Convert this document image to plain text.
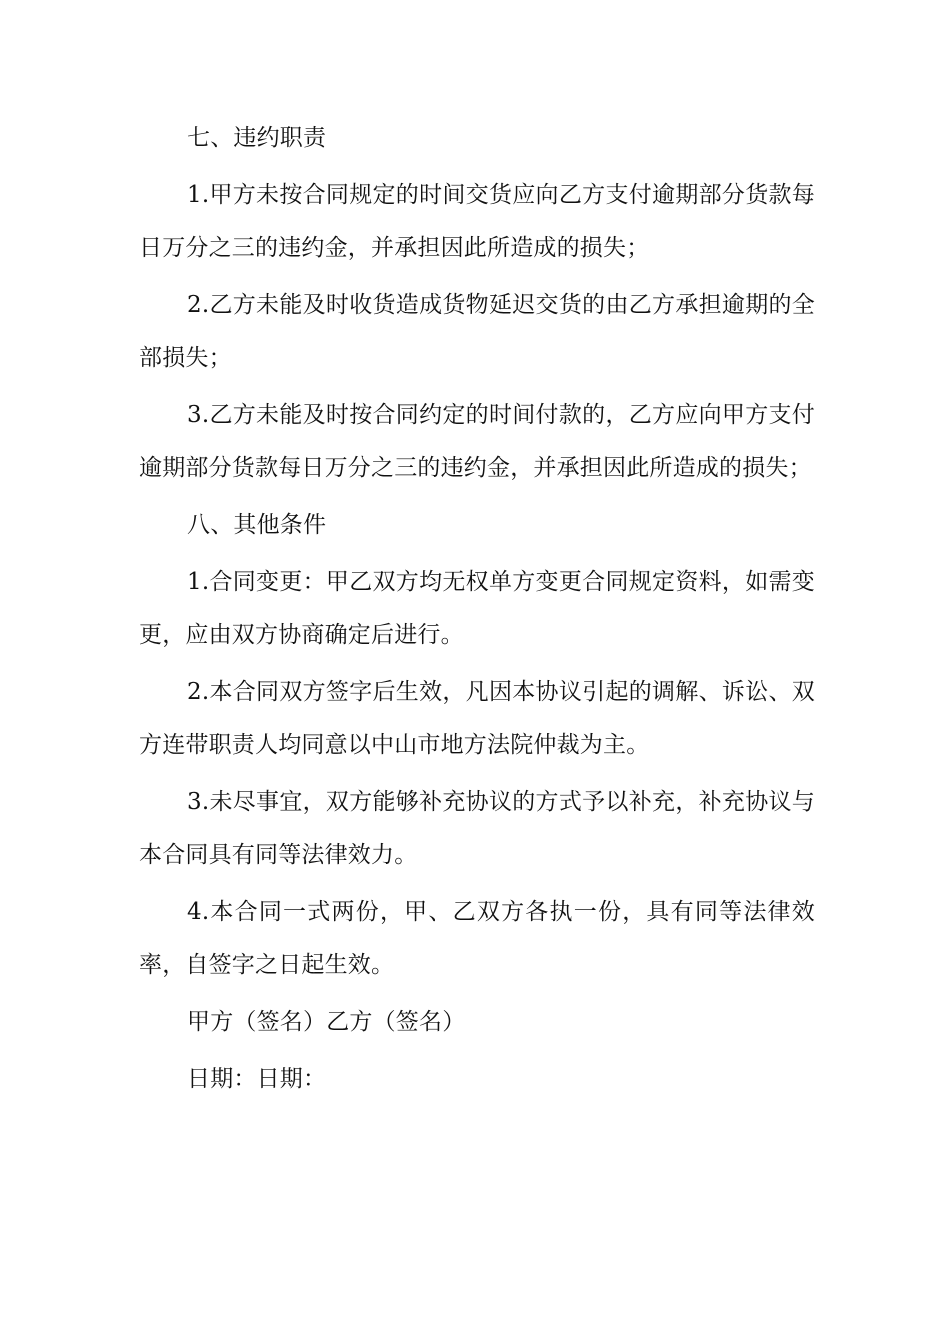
七、违约职责

1.甲方未按合同规定的时间交货应向乙方支付逾期部分货款每日万分之三的违约金，并承担因此所造成的损失；

2.乙方未能及时收货造成货物延迟交货的由乙方承担逾期的全部损失；

3.乙方未能及时按合同约定的时间付款的，乙方应向甲方支付逾期部分货款每日万分之三的违约金，并承担因此所造成的损失；

八、其他条件

1.合同变更：甲乙双方均无权单方变更合同规定资料，如需变更，应由双方协商确定后进行。

2.本合同双方签字后生效，凡因本协议引起的调解、诉讼、双方连带职责人均同意以中山市地方法院仲裁为主。

3.未尽事宜，双方能够补充协议的方式予以补充，补充协议与本合同具有同等法律效力。

4.本合同一式两份，甲、乙双方各执一份，具有同等法律效率，自签字之日起生效。

甲方（签名）乙方（签名）

日期：日期：
